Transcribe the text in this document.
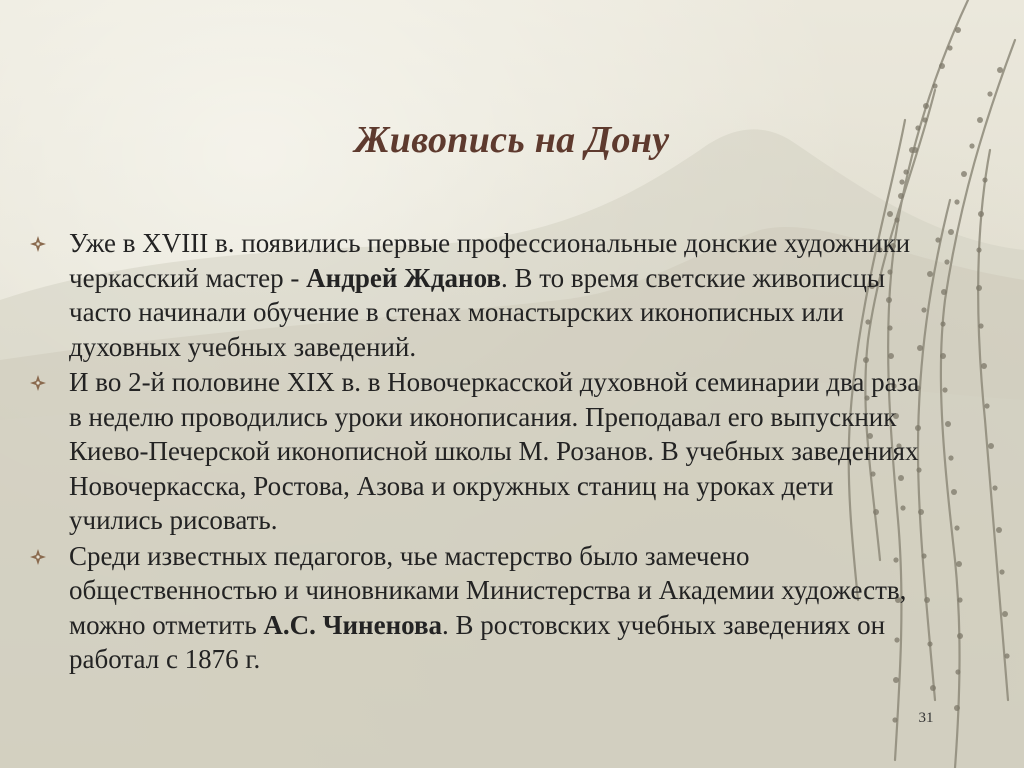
Живопись на Дону
Уже в XVIII в. появились первые профессиональные донские художники черкасский мастер - Андрей Жданов. В то время светские живописцы часто начинали обучение в стенах монастырских иконописных или духовных учебных заведений.
И во 2-й половине XIX в. в Новочеркасской духовной семинарии два раза в неделю проводились уроки иконописания. Преподавал его выпускник Киево-Печерской иконописной школы М. Розанов. В учебных заведениях Новочеркасска, Ростова, Азова и окружных станиц на уроках дети учились рисовать.
Среди известных педагогов, чье мастерство было замечено общественностью и чиновниками Министерства и Академии художеств, можно отметить А.С. Чиненова. В ростовских учебных заведениях он работал с 1876 г.
31
